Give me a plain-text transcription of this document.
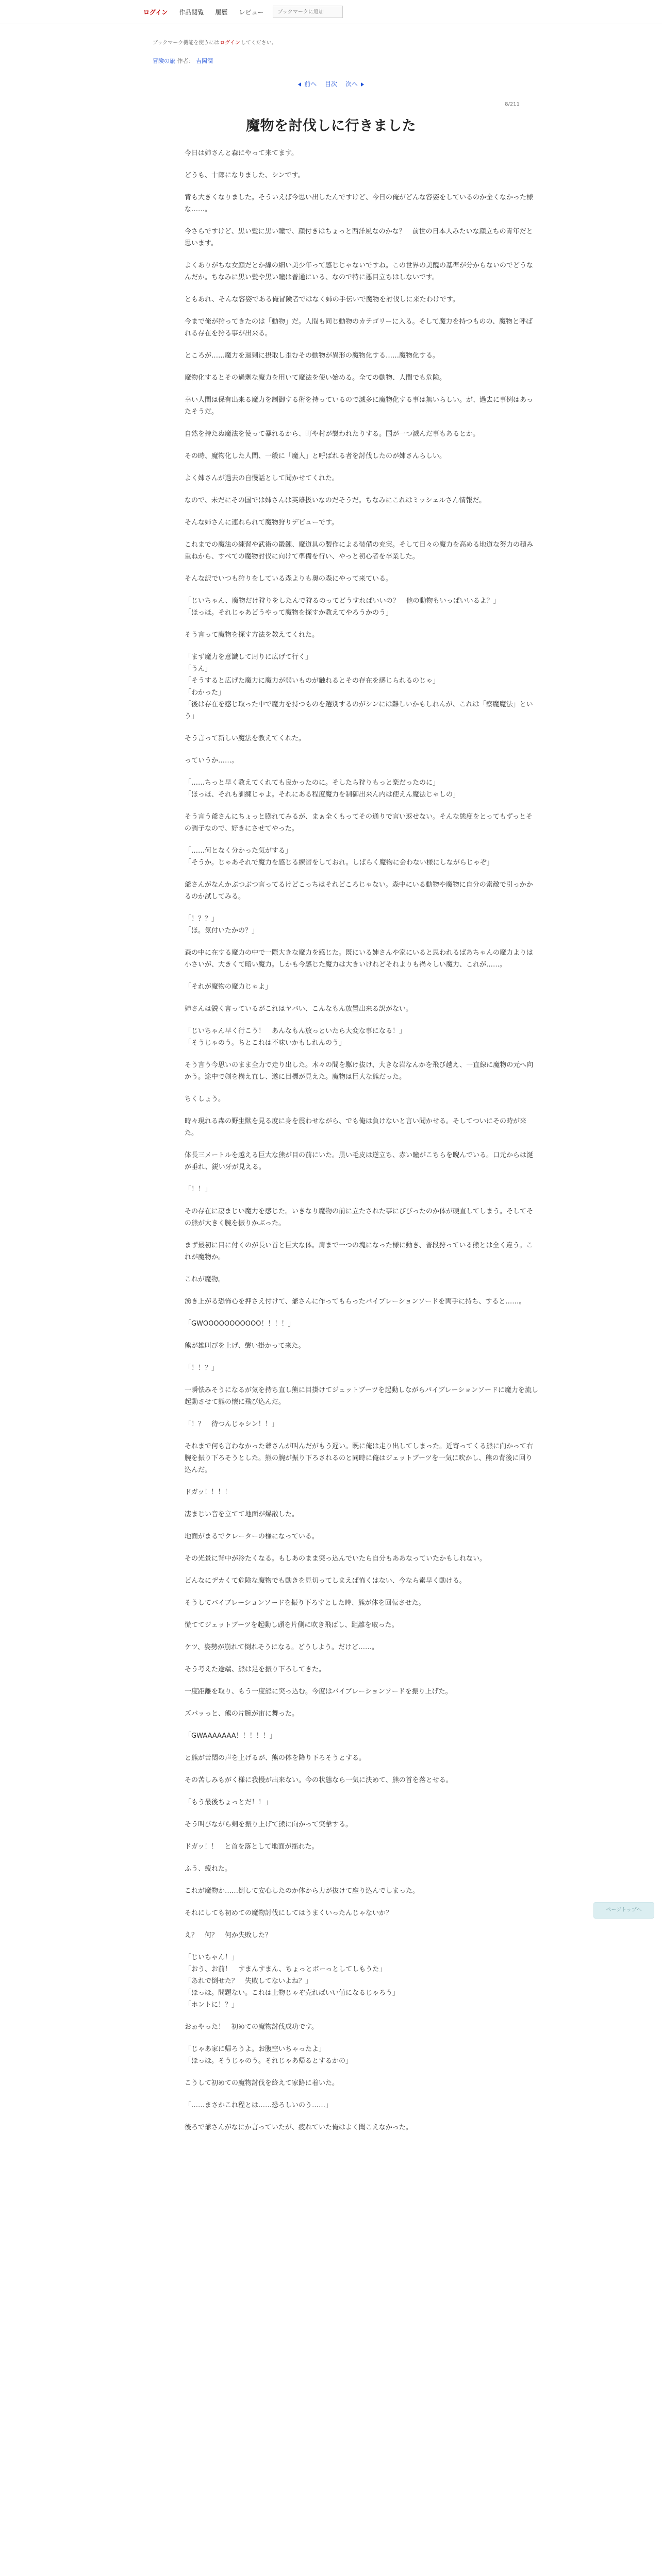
ログイン	作品閲覧	履歴	レビュー
ブックマークに追加
ブックマーク機能を使うにはログインしてください。
冒険の旅 作者： 吉岡潤
前へ 目次 次へ
8/211
魔物を討伐しに行きました

今日は姉さんと森にやって来てます。

どうも、十郎になりました、シンです。

背も大きくなりました。そういえば今思い出したんですけど、今日の俺がどんな容姿をしているのか全くなかった様な……。

今さらですけど、黒い髪に黒い瞳で、顔付きはちょっと西洋風なのかな？　前世の日本人みたいな顔立ちの青年だと思います。

よくありがちな女顔だとか線の細い美少年って感じじゃないですね。この世界の美醜の基準が分からないのでどうなんだか。ちなみに黒い髪や黒い瞳は普通にいる、なので特に悪目立ちはしないです。

ともあれ、そんな容姿である俺冒険者ではなく姉の手伝いで魔物を討伐しに来たわけです。

今まで俺が狩ってきたのは「動物」だ。人間も同じ動物のカテゴリーに入る。そして魔力を持つものの、魔物と呼ばれる存在を狩る事が出来る。

ところが……魔力を過剰に摂取し歪むその動物が異形の魔物化する……魔物化する。

魔物化するとその過剰な魔力を用いて魔法を使い始める。全ての動物、人間でも危険。

幸い人間は保有出来る魔力を制御する術を持っているので滅多に魔物化する事は無いらしい。が、過去に事例はあったそうだ。

自然を持たぬ魔法を使って暴れるから、町や村が襲われたりする。国が一つ滅んだ事もあるとか。

その時、魔物化した人間、一般に「魔人」と呼ばれる者を討伐したのが姉さんらしい。

よく姉さんが過去の自慢話として聞かせてくれた。

なので、未だにその国では姉さんは英雄扱いなのだそうだ。ちなみにこれはミッシェルさん情報だ。

そんな姉さんに連れられて魔物狩りデビューです。

これまでの魔法の練習や武術の鍛錬、魔道具の製作による装備の充実。そして日々の魔力を高める地道な努力の積み重ねから、すべての魔物討伐に向けて準備を行い、やっと初心者を卒業した。

そんな訳でいつも狩りをしている森よりも奥の森にやって来ている。

「じいちゃん、魔物だけ狩りをしたんで狩るのってどうすればいいの？　他の動物もいっぱいいるよ？」
「ほっほ。それじゃあどうやって魔物を探すか教えてやろうかのう」

そう言って魔物を探す方法を教えてくれた。

「まず魔力を意識して周りに広げて行く」
「うん」
「そうすると広げた魔力に魔力が弱いものが触れるとその存在を感じられるのじゃ」
「わかった」
「後は存在を感じ取った中で魔力を持つものを選別するのがシンには難しいかもしれんが、これは「察魔魔法」という」

そう言って新しい魔法を教えてくれた。

っていうか……。

「……ちっと早く教えてくれても良かったのに。そしたら狩りもっと楽だったのに」
「ほっほ、それも訓練じゃよ。それにある程度魔力を制御出来ん内は使えん魔法じゃしの」

そう言う爺さんにちょっと膨れてみるが、まぁ全くもってその通りで言い返せない。そんな態度をとってもずっとその調子なので、好きにさせてやった。

「……何となく分かった気がする」
「そうか。じゃあそれで魔力を感じる練習をしておれ。しばらく魔物に会わない様にしながらじゃぞ」

爺さんがなんかぶつぶつ言ってるけどこっちはそれどころじゃない。森中にいる動物や魔物に自分の索敵で引っかかるのか試してみる。

「！？？」
「ほ。気付いたかの？」

森の中に在する魔力の中で一際大きな魔力を感じた。既にいる姉さんや家にいると思われるばあちゃんの魔力よりは小さいが、大きくて暗い魔力。しかも今感じた魔力は大きいけれどそれよりも禍々しい魔力、これが……。

「それが魔物の魔力じゃよ」

姉さんは鋭く言っているがこれはヤバい、こんなもん放置出来る訳がない。

「じいちゃん早く行こう！　あんなもん放っといたら大変な事になる！」
「そうじゃのう。ちとこれは不味いかもしれんのう」

そう言う今思いのまま全力で走り出した。木々の間を駆け抜け、大きな岩なんかを飛び越え、一直線に魔物の元へ向かう。途中で剣を構え直し、遂に目標が見えた。魔物は巨大な熊だった。

ちくしょう。

時々現れる森の野生獣を見る度に身を震わせながら、でも俺は負けないと言い聞かせる。そしてついにその時が来た。

体長三メートルを越える巨大な熊が目の前にいた。黒い毛皮は逆立ち、赤い瞳がこちらを睨んでいる。口元からは涎が垂れ、鋭い牙が見える。

「！！」

その存在に凄まじい魔力を感じた。いきなり魔物の前に立たされた事にびびったのか体が硬直してしまう。そしてその熊が大きく腕を振りかぶった。

まず最初に目に付くのが長い首と巨大な体。肩まで一つの塊になった様に動き、普段狩っている熊とは全く違う。これが魔物か。

これが魔物。

湧き上がる恐怖心を押さえ付けて、爺さんに作ってもらったバイブレーションソードを両手に持ち、すると……。

「GWOOOOOOOOOOO！！！！」

熊が雄叫びを上げ、襲い掛かって来た。

「！！？」

一瞬怯みそうになるが気を持ち直し熊に目掛けてジェットブーツを起動しながらバイブレーションソードに魔力を流し起動させて熊の懐に飛び込んだ。

「！？　待つんじゃシン！！」

それまで何も言わなかった爺さんが叫んだがもう遅い。既に俺は走り出してしまった。近寄ってくる熊に向かって右腕を振り下ろそうとした。熊の腕が振り下ろされるのと同時に俺はジェットブーツを一気に吹かし、熊の背後に回り込んだ。

ドガッ！！！！

凄まじい音を立てて地面が爆散した。

地面がまるでクレーターの様になっている。

その光景に背中が冷たくなる。もしあのまま突っ込んでいたら自分もああなっていたかもしれない。

どんなにデカくて危険な魔物でも動きを見切ってしまえば怖くはない、今なら素早く動ける。

そうしてバイブレーションソードを振り下ろすとした時、熊が体を回転させた。

慌ててジェットブーツを起動し頭を片側に吹き飛ばし、距離を取った。

ケツ、姿勢が崩れて倒れそうになる。どうしよう。だけど……。

そう考えた途端、熊は足を振り下ろしてきた。

一度距離を取り、もう一度熊に突っ込む。今度はバイブレーションソードを振り上げた。

ズバッっと、熊の片腕が宙に舞った。

「GWAAAAAAA！！！！！」

と熊が苦悶の声を上げるが、熊の体を降り下ろそうとする。

その苦しみもがく様に我慢が出来ない。今の状態なら一気に決めて、熊の首を落とせる。

「もう最後ちょっとだ！！」

そう叫びながら剣を振り上げて熊に向かって突撃する。

ドガッ！！　と首を落として地面が揺れた。

ふう、疲れた。

これが魔物か……倒して安心したのか体から力が抜けて座り込んでしまった。

それにしても初めての魔物討伐にしてはうまくいったんじゃないか？

え？　何？　何か失敗した？

「じいちゃん！」
「おう、お前！　すまんすまん、ちょっとボーっとしてしもうた」
「あれで倒せた？　失敗してないよね？」
「ほっほ。問題ない。これは上物じゃぞ売ればいい値になるじゃろう」
「ホントに！？」

おぉやった！　初めての魔物討伐成功です。

「じゃあ家に帰ろうよ。お腹空いちゃったよ」
「ほっほ。そうじゃのう。それじゃあ帰るとするかの」

こうして初めての魔物討伐を終えて家路に着いた。

「……まさかこれ程とは……恐ろしいのう……」

後ろで爺さんがなにか言っていたが、疲れていた俺はよく聞こえなかった。

ページトップへ
